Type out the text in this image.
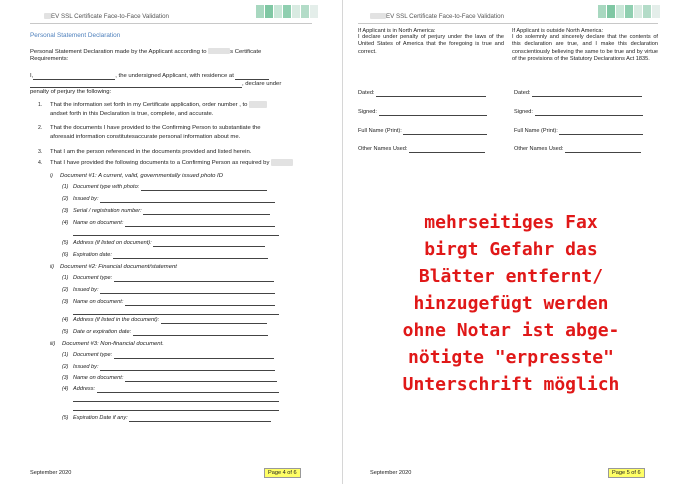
EV SSL Certificate Face-to-Face Validation
Personal Statement Declaration
Personal Statement Declaration made by the Applicant according to	s Certificate
Requirements:
I,	, the undersigned Applicant, with residence at
, declare under
penalty of perjury the following:
1. That the information set forth in my Certificate application, order number , to
andset forth in this Declaration is true, complete, and accurate.
2. That the documents I have provided to the Confirming Person to substantiate the
aforesaid information constitutesaccurate personal information about me.
3. That I am the person referenced in the documents provided and listed herein.
4. That I have provided the following documents to a Confirming Person as required by
i) Document #1: A current, valid, governmentally issued photo ID
(1) Document type with photo:
(2) Issued by:
(3) Serial / registration number:
(4) Name on document:
(5) Address (if listed on document):
(6) Expiration date:
ii) Document #2: Financial document/statement
(1) Document type:
(2) Issued by:
(3) Name on document:
(4) Address (if listed in the document):
(5) Date or expiration date:
iii) Document #3: Non-financial document.
(1) Document type:
(2) Issued by:
(3) Name on document:
(4) Address:
(5) Expiration Date if any:
September 2020	Page 4 of 6
EV SSL Certificate Face-to-Face Validation
If Applicant is in North America:
I declare under penalty of perjury under the laws of the United States of America that the foregoing is true and correct.
If Applicant is outside North America:
I do solemnly and sincerely declare that the contents of this declaration are true, and I make this declaration conscientiously believing the same to be true and by virtue of the provisions of the Statutory Declarations Act 1835.
Dated:	Dated:
Signed:	Signed:
Full Name (Print):	Full Name (Print):
Other Names Used:	Other Names Used:
September 2020	Page 5 of 6
mehrseitiges Fax
birgt Gefahr das
Blätter entfernt/
hinzugefügt werden
ohne Notar ist abge-
nötigte "erpresste"
Unterschrift möglich
